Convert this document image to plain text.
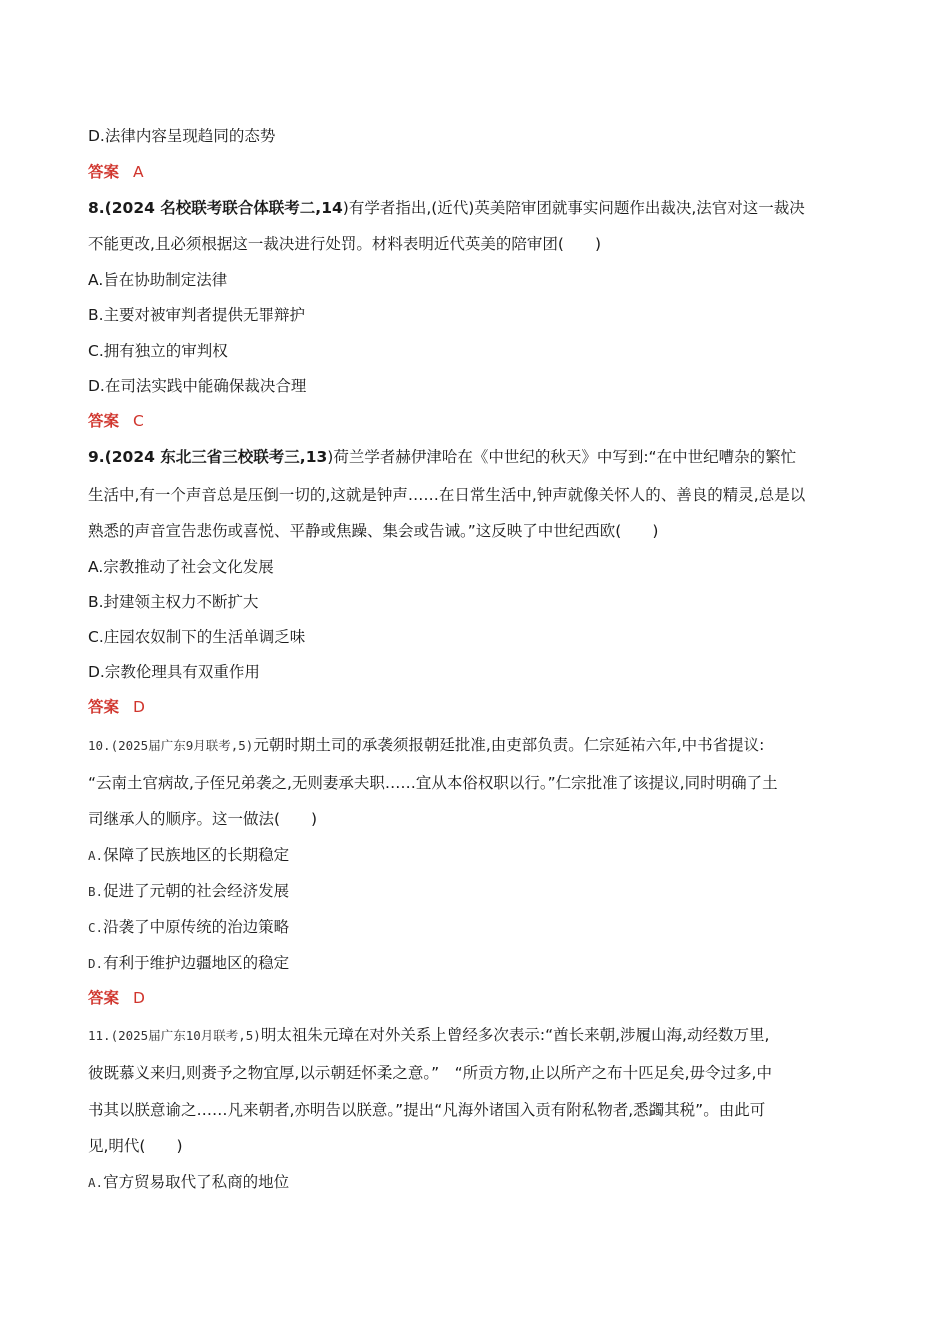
D.法律内容呈现趋同的态势
答案 A
8.(2024 名校联考联合体联考二,14)有学者指出,(近代)英美陪审团就事实问题作出裁决,法官对这一裁决
不能更改,且必须根据这一裁决进行处罚。材料表明近代英美的陪审团(　　)
A.旨在协助制定法律
B.主要对被审判者提供无罪辩护
C.拥有独立的审判权
D.在司法实践中能确保裁决合理
答案 C
9.(2024 东北三省三校联考三,13)荷兰学者赫伊津哈在《中世纪的秋天》中写到:“在中世纪嘈杂的繁忙
生活中,有一个声音总是压倒一切的,这就是钟声……在日常生活中,钟声就像关怀人的、善良的精灵,总是以
熟悉的声音宣告悲伤或喜悦、平静或焦躁、集会或告诫。”这反映了中世纪西欧(　　)
A.宗教推动了社会文化发展
B.封建领主权力不断扩大
C.庄园农奴制下的生活单调乏味
D.宗教伦理具有双重作用
答案 D
10.(2025届广东9月联考,5)元朝时期土司的承袭须报朝廷批准,由吏部负责。仁宗延祐六年,中书省提议:
“云南土官病故,子侄兄弟袭之,无则妻承夫职……宜从本俗权职以行。”仁宗批准了该提议,同时明确了土
司继承人的顺序。这一做法(　　)
A.保障了民族地区的长期稳定
B.促进了元朝的社会经济发展
C.沿袭了中原传统的治边策略
D.有利于维护边疆地区的稳定
答案 D
11.(2025届广东10月联考,5)明太祖朱元璋在对外关系上曾经多次表示:“酋长来朝,涉履山海,动经数万里,
彼既慕义来归,则赉予之物宜厚,以示朝廷怀柔之意。”　“所贡方物,止以所产之布十匹足矣,毋令过多,中
书其以朕意谕之……凡来朝者,亦明告以朕意。”提出“凡海外诸国入贡有附私物者,悉蠲其税”。由此可
见,明代(　　)
A.官方贸易取代了私商的地位
